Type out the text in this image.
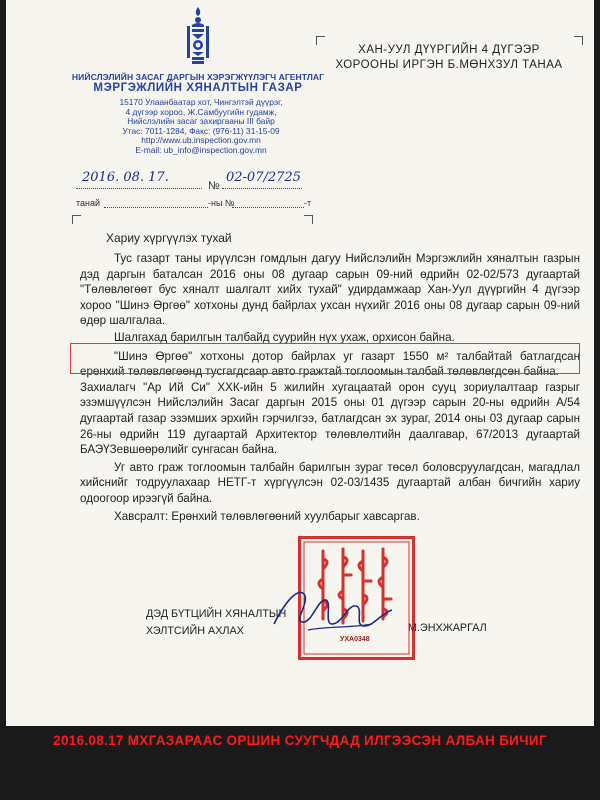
НИЙСЛЭЛИЙН ЗАСАГ ДАРГЫН ХЭРЭГЖҮҮЛЭГЧ АГЕНТЛАГ
МЭРГЭЖЛИЙН ХЯНАЛТЫН ГАЗАР
15170 Улаанбаатар хот, Чингэлтэй дүүрэг,
4 дүгээр хороо, Ж.Самбуугийн гудамж,
Нийслэлийн засаг захиргааны III байр
Утас: 7011-1284, Факс: (976-11) 31-15-09
http://www.ub.inspection.gov.mn
E-mail: ub_info@inspection.gov.mn
ХАН-УУЛ ДҮҮРГИЙН 4 ДҮГЭЭР
ХОРООНЫ ИРГЭН Б.МӨНХЗУЛ ТАНАА
2016. 08. 17.
№
02-07/2725
танай	-ны №	-т
Хариу хүргүүлэх тухай

Тус газарт таны ирүүлсэн гомдлын дагуу Нийслэлийн Мэргэжлийн хяналтын газрын дэд даргын баталсан 2016 оны 08 дугаар сарын 09-ний өдрийн 02-02/573 дугаартай "Төлөвлөгөөт бус хяналт шалгалт хийх тухай" удирдамжаар Хан-Уул дүүргийн 4 дүгээр хороо "Шинэ Өргөө" хотхоны дунд байрлах ухсан нүхийг 2016 оны 08 дугаар сарын 09-ний өдөр шалгалаа.

Шалгахад барилгын талбайд суурийн нүх ухаж, орхисон байна.

"Шинэ Өргөө" хотхоны дотор байрлах уг газарт 1550 м² талбайтай батлагдсан ерөнхий төлөвлөгөөнд тусгагдсаар авто гражтай тоглоомын талбай төлөвлөгдсөн байна.

Захиалагч "Ар Ий Си" ХХК-ийн 5 жилийн хугацаатай орон сууц зориулалтаар газрыг эзэмшүүлсэн Нийслэлийн Засаг даргын 2015 оны 01 дүгээр сарын 20-ны өдрийн А/54 дугаартай газар эзэмших эрхийн гэрчилгээ, батлагдсан эх зураг, 2014 оны 03 дугаар сарын 26-ны өдрийн 119 дугаартай Архитектор төлөвлөлтийн даалгавар, 67/2013 дугаартай БАЭҮЗевшөөрөлийг сунгасан байна.

Уг авто граж тоглоомын талбайн барилгын зураг төсөл боловсруулагдсан, магадлал хийснийг тодруулахаар НЕТГ-т хүргүүлсэн 02-03/1435 дугаартай албан бичгийн хариу одоогоор ирээгүй байна.

Хавсралт: Ерөнхий төлөвлөгөөний хуулбарыг хавсаргав.

УХА0348
ДЭД БҮТЦИЙН ХЯНАЛТЫН
ХЭЛТСИЙН АХЛАХ	М.ЭНХЖАРГАЛ
2016.08.17 МХГАЗАРААС ОРШИН СУУГЧДАД ИЛГЭЭСЭН АЛБАН БИЧИГ
